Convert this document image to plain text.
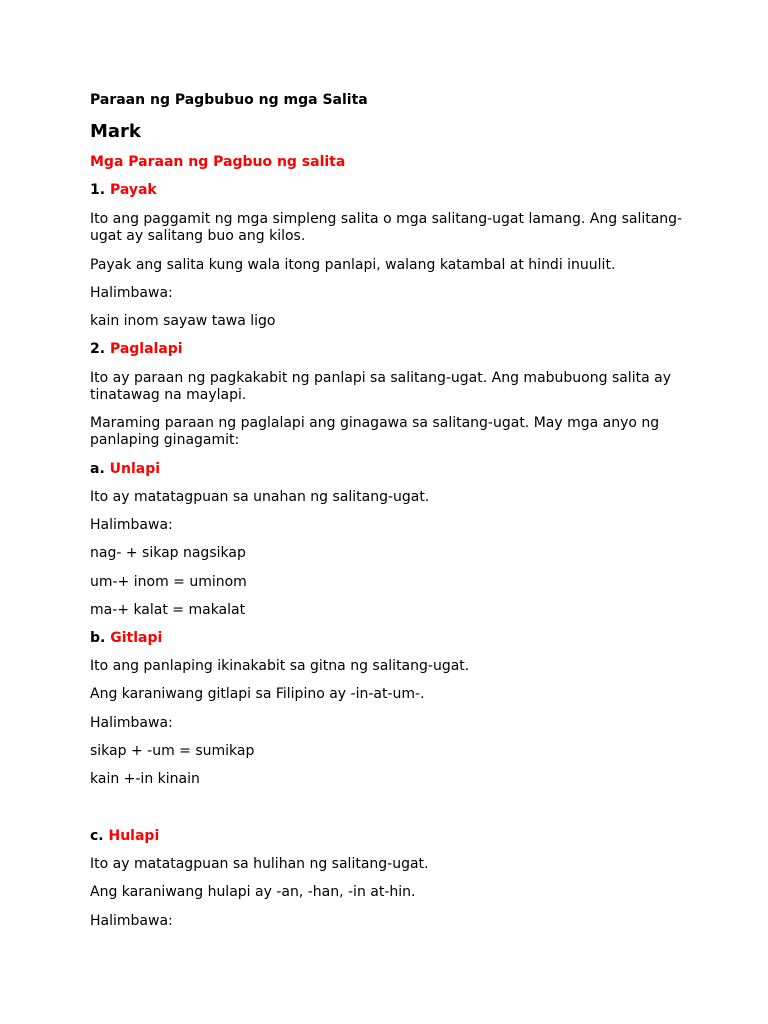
Paraan ng Pagbubuo ng mga Salita

Mark

Mga Paraan ng Pagbuo ng salita

1. Payak

Ito ang paggamit ng mga simpleng salita o mga salitang-ugat lamang. Ang salitang-

ugat ay salitang buo ang kilos.

Payak ang salita kung wala itong panlapi, walang katambal at hindi inuulit.

Halimbawa:

kain inom sayaw tawa ligo

2. Paglalapi

Ito ay paraan ng pagkakabit ng panlapi sa salitang-ugat. Ang mabubuong salita ay

tinatawag na maylapi.

Maraming paraan ng paglalapi ang ginagawa sa salitang-ugat. May mga anyo ng

panlaping ginagamit:

a. Unlapi

Ito ay matatagpuan sa unahan ng salitang-ugat.

Halimbawa:

nag- + sikap nagsikap

um-+ inom = uminom

ma-+ kalat = makalat

b. Gitlapi

Ito ang panlaping ikinakabit sa gitna ng salitang-ugat.

Ang karaniwang gitlapi sa Filipino ay -in-at-um-.

Halimbawa:

sikap + -um = sumikap

kain +-in kinain

c. Hulapi

Ito ay matatagpuan sa hulihan ng salitang-ugat.

Ang karaniwang hulapi ay -an, -han, -in at-hin.

Halimbawa:
